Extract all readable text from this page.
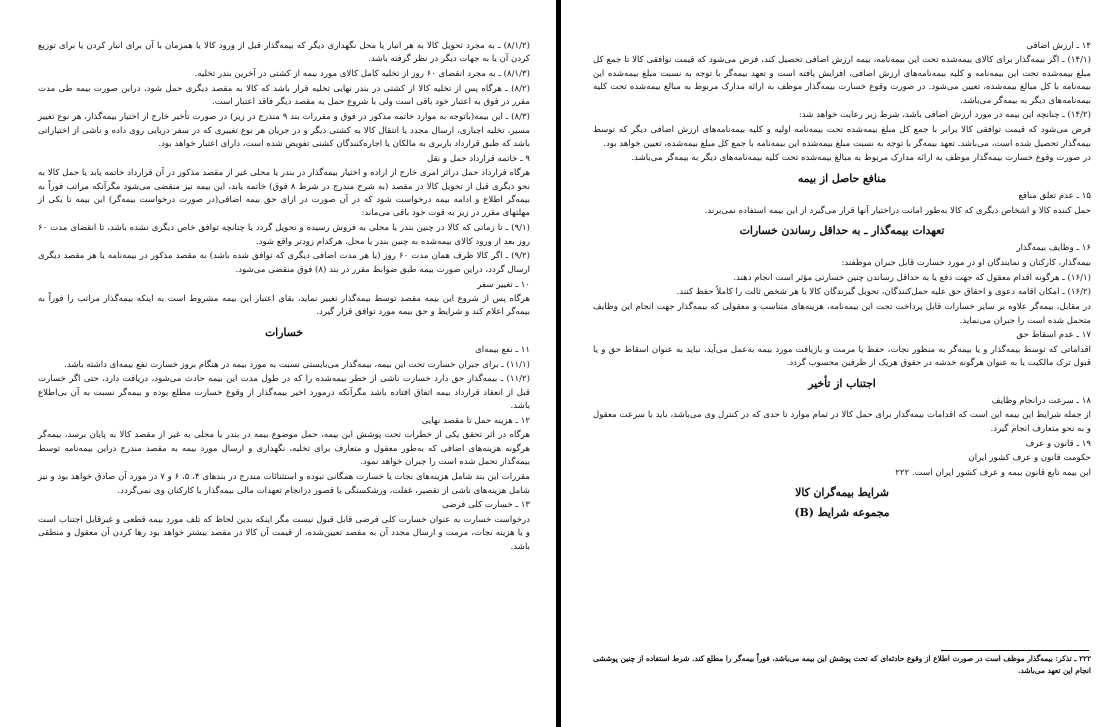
(۸/۱/۲) ـ به مجرد تحویل کالا به هر انبار یا محل نگهداری دیگر که بیمه‌گذار قبل از ورود کالا یا همزمان با آن برای انبار کردن یا برای توزیع کردن آن یا به جهات دیگر در نظر گرفته باشد.

(۸/۱/۳) ـ به مجرد انقضای ۶۰ روز از تخلیه کامل کالای مورد بیمه از کشتی در آخرین بندر تخلیه.

(۸/۲) ـ هرگاه پس از تخلیه کالا از کشتی در بندر نهایی تخلیه قرار باشد که کالا به مقصد دیگری حمل شود، دراین صورت بیمه طی مدت مقرر در فوق به اعتبار خود باقی است ولی با شروع حمل به مقصد دیگر فاقد اعتبار است.

(۸/۳) ـ این بیمه(باتوجه به موارد خاتمه مذکور در فوق و مقررات بند ۹ مندرج در زیر) در صورت تأخیر خارج از اختیار بیمه‌گذار، هر نوع تغییر مسیر، تخلیه اجباری، ارسال مجدد یا انتقال کالا به کشتی دیگر و در جریان هر نوع تغییری که در سفر دریایی روی داده و ناشی از اختیاراتی باشد که طبق قرارداد باربری به مالکان یا اجاره‌کنندگان کشتی تفویض شده است، دارای اعتبار خواهد بود.

۹ ـ خاتمه قرارداد حمل و نقل

هرگاه قرارداد حمل دراثر امری خارج از اراده و اختیار بیمه‌گذار در بندر یا محلی غیر از مقصد مذکور در آن قرارداد خاتمه یابد یا حمل کالا به نحو دیگری قبل از تحویل کالا در مقصد (به شرح مندرج در شرط ۸ فوق) خاتمه یابد، این بیمه نیز منقضی می‌شود مگرآنکه مراتب فوراً به بیمه‌گر اطلاع و ادامه بیمه درخواست شود که در آن صورت در ازای حق بیمه اضافی(در صورت درخواست بیمه‌گر) این بیمه تا یکی از مهلتهای مقرر در زیر به قوت خود باقی می‌ماند:

(۹/۱) ـ تا زمانی که کالا در چنین بندر یا محلی به فروش رسیده و تحویل گردد یا چنانچه توافق خاص دیگری نشده باشد، تا انقضای مدت ۶۰ روز بعد از ورود کالای بیمه‌شده به چنین بندر یا محل، هرکدام زودتر واقع شود.

(۹/۲) ـ اگر کالا ظرف همان مدت ۶۰ روز (یا هر مدت اضافی دیگری که توافق شده باشد) به مقصد مذکور در بیمه‌نامه یا هر مقصد دیگری ارسال گردد، دراین صورت بیمه طبق ضوابط مقرر در بند (۸) فوق منقضی می‌شود.

۱۰ ـ تغییر سفر

هرگاه پس از شروع این بیمه مقصد توسط بیمه‌گذار تغییر نماید، بقای اعتبار این بیمه مشروط است به اینکه بیمه‌گذار مراتب را فوراً به بیمه‌گر اعلام کند و شرایط و حق بیمه مورد توافق قرار گیرد.

خسارات

۱۱ ـ نفع بیمه‌ای

(۱۱/۱) ـ برای جبران خسارت تحت این بیمه، بیمه‌گذار می‌بایستی نسبت به مورد بیمه در هنگام بروز خسارت نفع بیمه‌ای داشته باشد.

(۱۱/۲) ـ بیمه‌گذار حق دارد خسارت ناشی از خطر بیمه‌شده را که در طول مدت این بیمه حادث می‌شود، دریافت دارد، حتی اگر خسارت قبل از انعقاد قرارداد بیمه اتفاق افتاده باشد مگرآنکه درمورد اخیر بیمه‌گذار از وقوع خسارت مطلع بوده و بیمه‌گر نسبت به آن بی‌اطلاع باشد.

۱۲ ـ هزینه حمل تا مقصد نهایی

هرگاه در اثر تحقق یکی از خطرات تحت پوشش این بیمه، حمل موضوع بیمه در بندر یا محلی به غیر از مقصد کالا به پایان برسد، بیمه‌گر هرگونه هزینه‌های اضافی که به‌طور معقول و متعارف برای تخلیه، نگهداری و ارسال مورد بیمه به مقصد مندرج دراین بیمه‌نامه توسط بیمه‌گذار تحمل شده است را جبران خواهد نمود.

مقررات این بند شامل هزینه‌های نجات یا خسارت همگانی نبوده و استثنائات مندرج در بندهای ۴، ۵، ۶ و ۷ در مورد آن صادق خواهد بود و نیز شامل هزینه‌های ناشی از تقصیر، غفلت، ورشکستگی یا قصور درانجام تعهدات مالی بیمه‌گذار یا کارکنان وی نمی‌گردد.

۱۳ ـ خسارت کلی فرضی

درخواست خسارت به عنوان خسارت کلی فرضی قابل قبول نیست مگر اینکه بدین لحاظ که تلف مورد بیمه قطعی و غیرقابل اجتناب است و یا هزینه نجات، مرمت و ارسال مجدد آن به مقصد تعیین‌شده، از قیمت آن کالا در مقصد بیشتر خواهد بود رها کردن آن معقول و منطقی باشد.

۱۴ ـ ارزش اضافی

(۱۴/۱) ـ اگر بیمه‌گذار برای کالای بیمه‌شده تحت این بیمه‌نامه، بیمه ارزش اضافی تحصیل کند، فرض می‌شود که قیمت توافقی کالا تا جمع کل مبلغ بیمه‌شده تحت این بیمه‌نامه و کلیه بیمه‌نامه‌های ارزش اضافی، افزایش یافته است و تعهد بیمه‌گر با توجه به نسبت مبلغ بیمه‌شده این بیمه‌نامه با کل مبالغ بیمه‌شده، تعیین می‌شود. در صورت وقوع خسارت بیمه‌گذار موظف به ارائه مدارک مربوط به مبالغ بیمه‌شده تحت کلیه بیمه‌نامه‌های دیگر به بیمه‌گر می‌باشد.

(۱۴/۲) ـ چنانچه این بیمه در مورد ارزش اضافی باشد، شرط زیر رعایت خواهد شد:

فرض می‌شود که قیمت توافقی کالا برابر با جمع کل مبلغ بیمه‌شده تحت بیمه‌نامه اولیه و کلیه بیمه‌نامه‌های ارزش اضافی دیگر که توسط بیمه‌گذار تحصیل شده است، می‌باشد. تعهد بیمه‌گر با توجه به نسبت مبلغ بیمه‌شده این بیمه‌نامه با جمع کل مبلغ بیمه‌شده، تعیین خواهد بود.

در صورت وقوع خسارت بیمه‌گذار موظف به ارائه مدارک مربوط به مبالغ بیمه‌شده تحت کلیه بیمه‌نامه‌های دیگر به بیمه‌گر می‌باشد.

منافع حاصل از بیمه

۱۵ ـ عدم تعلق منافع

حمل کننده کالا و اشخاص دیگری که کالا به‌طور امانت دراختیار آنها قرار می‌گیرد از این بیمه استفاده نمی‌برند.

تعهدات بیمه‌گذار ـ به حداقل رساندن خسارات

۱۶ ـ وظایف بیمه‌گذار

بیمه‌گذار، کارکنان و نمایندگان او در مورد خسارت قابل جبران موظفند:

(۱۶/۱) ـ هرگونه اقدام معقول که جهت دفع یا به حداقل رساندن چنین خسارتی مؤثر است انجام دهند.

(۱۶/۲) ـ امکان اقامه دعوی و احقاق حق علیه حمل‌کنندگان، تحویل گیرندگان کالا یا هر شخص ثالث را کاملاً حفظ کنند.

در مقابل، بیمه‌گر علاوه بر سایر خسارات قابل پرداخت تحت این بیمه‌نامه، هزینه‌های متناسب و معقولی که بیمه‌گذار جهت انجام این وظایف متحمل شده است را جبران می‌نماید.

۱۷ ـ عدم اسقاط حق

اقداماتی که توسط بیمه‌گذار و یا بیمه‌گر به منظور نجات، حفظ یا مرمت و بازیافت مورد بیمه به‌عمل می‌آید، نباید به عنوان اسقاط حق و یا قبول ترک مالکیت یا به عنوان هرگونه خدشه در حقوق هریک از طرفین محسوب گردد.

اجتناب از تأخیر

۱۸ ـ سرعت درانجام وظایف

از جمله شرایط این بیمه این است که اقدامات بیمه‌گذار برای حمل کالا در تمام موارد تا حدی که در کنترل وی می‌باشد، باید با سرعت معقول و به نحو متعارف انجام گیرد.

۱۹ ـ قانون و عرف

حکومت قانون و عرف کشور ایران

این بیمه تابع قانون بیمه و عرف کشور ایران است. ۲۲۲

شرایط بیمه‌گران کالا

مجموعه شرایط (B)

۲۲۲ ـ تذکر: بیمه‌گذار موظف است در صورت اطلاع از وقوع حادثه‌ای که تحت پوشش این بیمه می‌باشد، فوراً بیمه‌گر را مطلع کند. شرط استفاده از چنین پوششی انجام این تعهد می‌باشد.
